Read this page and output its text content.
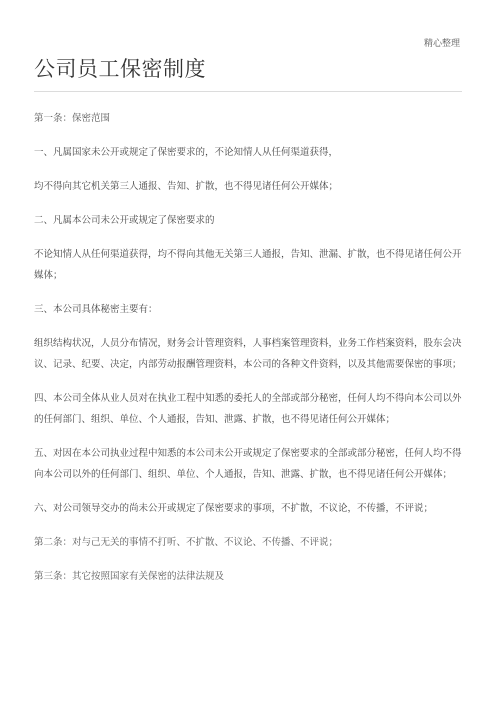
精心整理
公司员工保密制度

第一条：保密范围

一、凡属国家未公开或规定了保密要求的，不论知情人从任何渠道获得，

均不得向其它机关第三人通报、告知、扩散，也不得见诸任何公开媒体；

二、凡属本公司未公开或规定了保密要求的

不论知情人从任何渠道获得，均不得向其他无关第三人通报，告知、泄漏、扩散，也不得见诸任何公开媒体；

三、本公司具体秘密主要有：

组织结构状况，人员分布情况，财务会计管理资料，人事档案管理资料，业务工作档案资料，股东会决议、记录、纪要、决定，内部劳动报酬管理资料，本公司的各种文件资料，以及其他需要保密的事项；

四、本公司全体从业人员对在执业工程中知悉的委托人的全部或部分秘密，任何人均不得向本公司以外的任何部门、组织、单位、个人通报，告知、泄露、扩散，也不得见诸任何公开媒体；

五、对因在本公司执业过程中知悉的本公司未公开或规定了保密要求的全部或部分秘密，任何人均不得向本公司以外的任何部门、组织、单位、个人通报，告知、泄露、扩散，也不得见诸任何公开媒体；

六、对公司领导交办的尚未公开或规定了保密要求的事项，不扩散，不议论，不传播，不评说；

第二条：对与己无关的事情不打听、不扩散、不议论、不传播、不评说；

第三条：其它按照国家有关保密的法律法规及
